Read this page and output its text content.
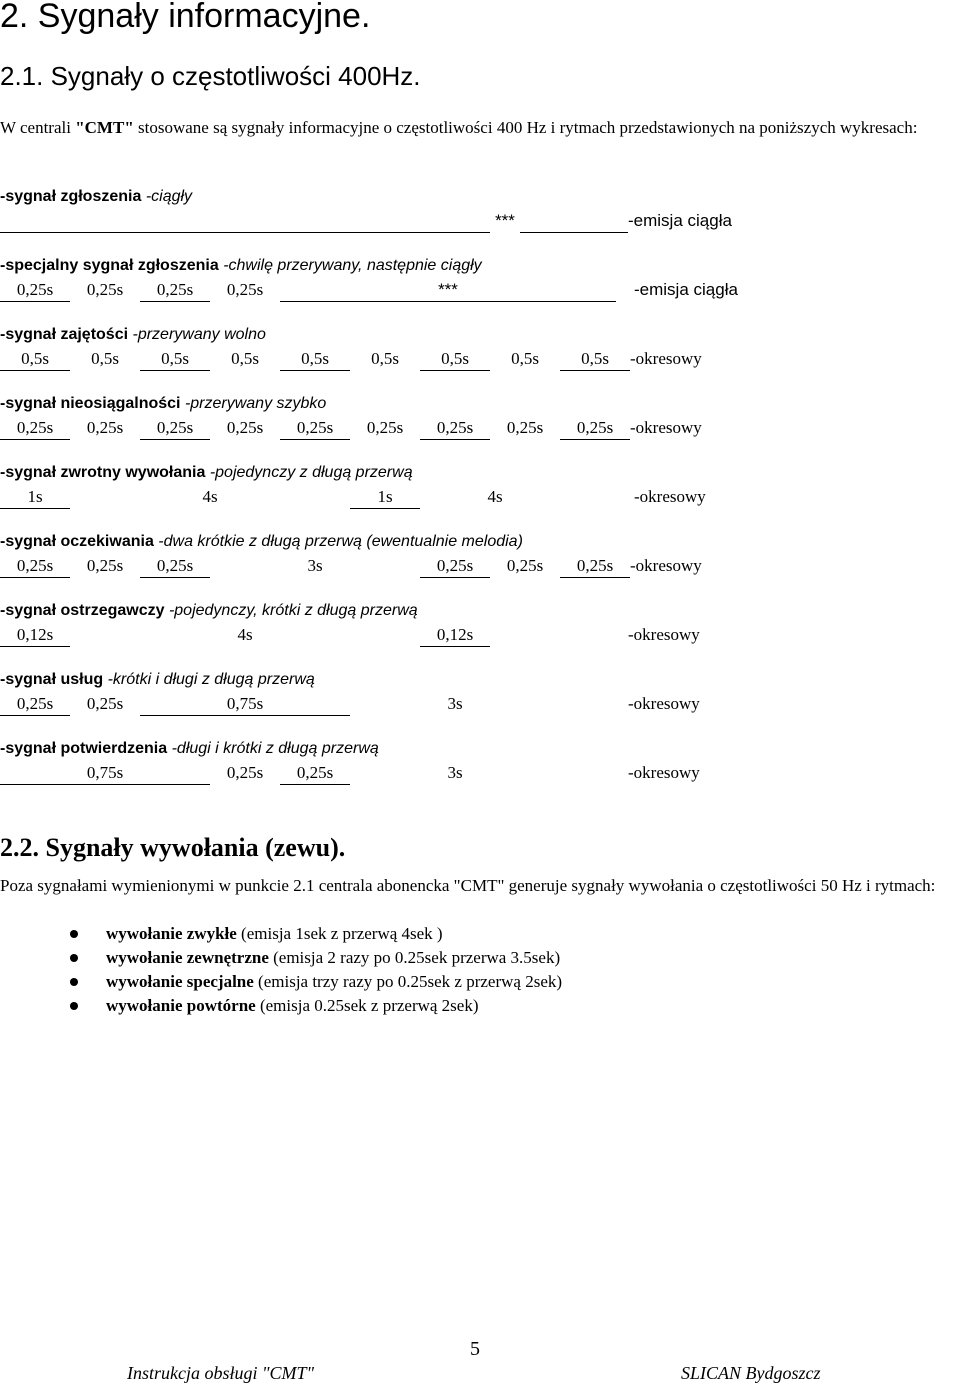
2. Sygnały informacyjne.
2.1. Sygnały o częstotliwości 400Hz.
W centrali "CMT" stosowane są sygnały informacyjne o częstotliwości 400 Hz i rytmach przedstawionych na poniższych wykresach:
-sygnał zgłoszenia -ciągły
***	-emisja ciągła
-specjalny sygnał zgłoszenia -chwilę przerywany, następnie ciągły
0,25s	0,25s	0,25s	0,25s	***	-emisja ciągła
-sygnał zajętości -przerywany wolno
0,5s	0,5s	0,5s	0,5s	0,5s	0,5s	0,5s	0,5s	0,5s	-okresowy
-sygnał nieosiągalności -przerywany szybko
0,25s	0,25s	0,25s	0,25s	0,25s	0,25s	0,25s	0,25s	0,25s -okresowy
-sygnał zwrotny wywołania -pojedynczy z długą przerwą
1s	4s	1s	4s	-okresowy
-sygnał oczekiwania -dwa krótkie z długą przerwą (ewentualnie melodia)
0,25s	0,25s	0,25s	3s	0,25s	0,25s	0,25s -okresowy
-sygnał ostrzegawczy -pojedynczy, krótki z długą przerwą
0,12s	4s	0,12s	-okresowy
-sygnał usług -krótki i długi z długą przerwą
0,25s	0,25s	0,75s	3s	-okresowy
-sygnał potwierdzenia -długi i krótki z długą przerwą
0,75s	0,25s	0,25s	3s	-okresowy
2.2. Sygnały wywołania (zewu).
Poza sygnałami wymienionymi w punkcie 2.1 centrala abonencka "CMT" generuje sygnały wywołania o częstotliwości 50 Hz i rytmach:
wywołanie zwykłe (emisja 1sek z przerwą 4sek )
wywołanie zewnętrzne (emisja 2 razy po 0.25sek przerwa 3.5sek)
wywołanie specjalne (emisja trzy razy po 0.25sek z przerwą 2sek)
wywołanie powtórne (emisja 0.25sek z przerwą 2sek)
5
Instrukcja obsługi "CMT"	SLICAN Bydgoszcz
